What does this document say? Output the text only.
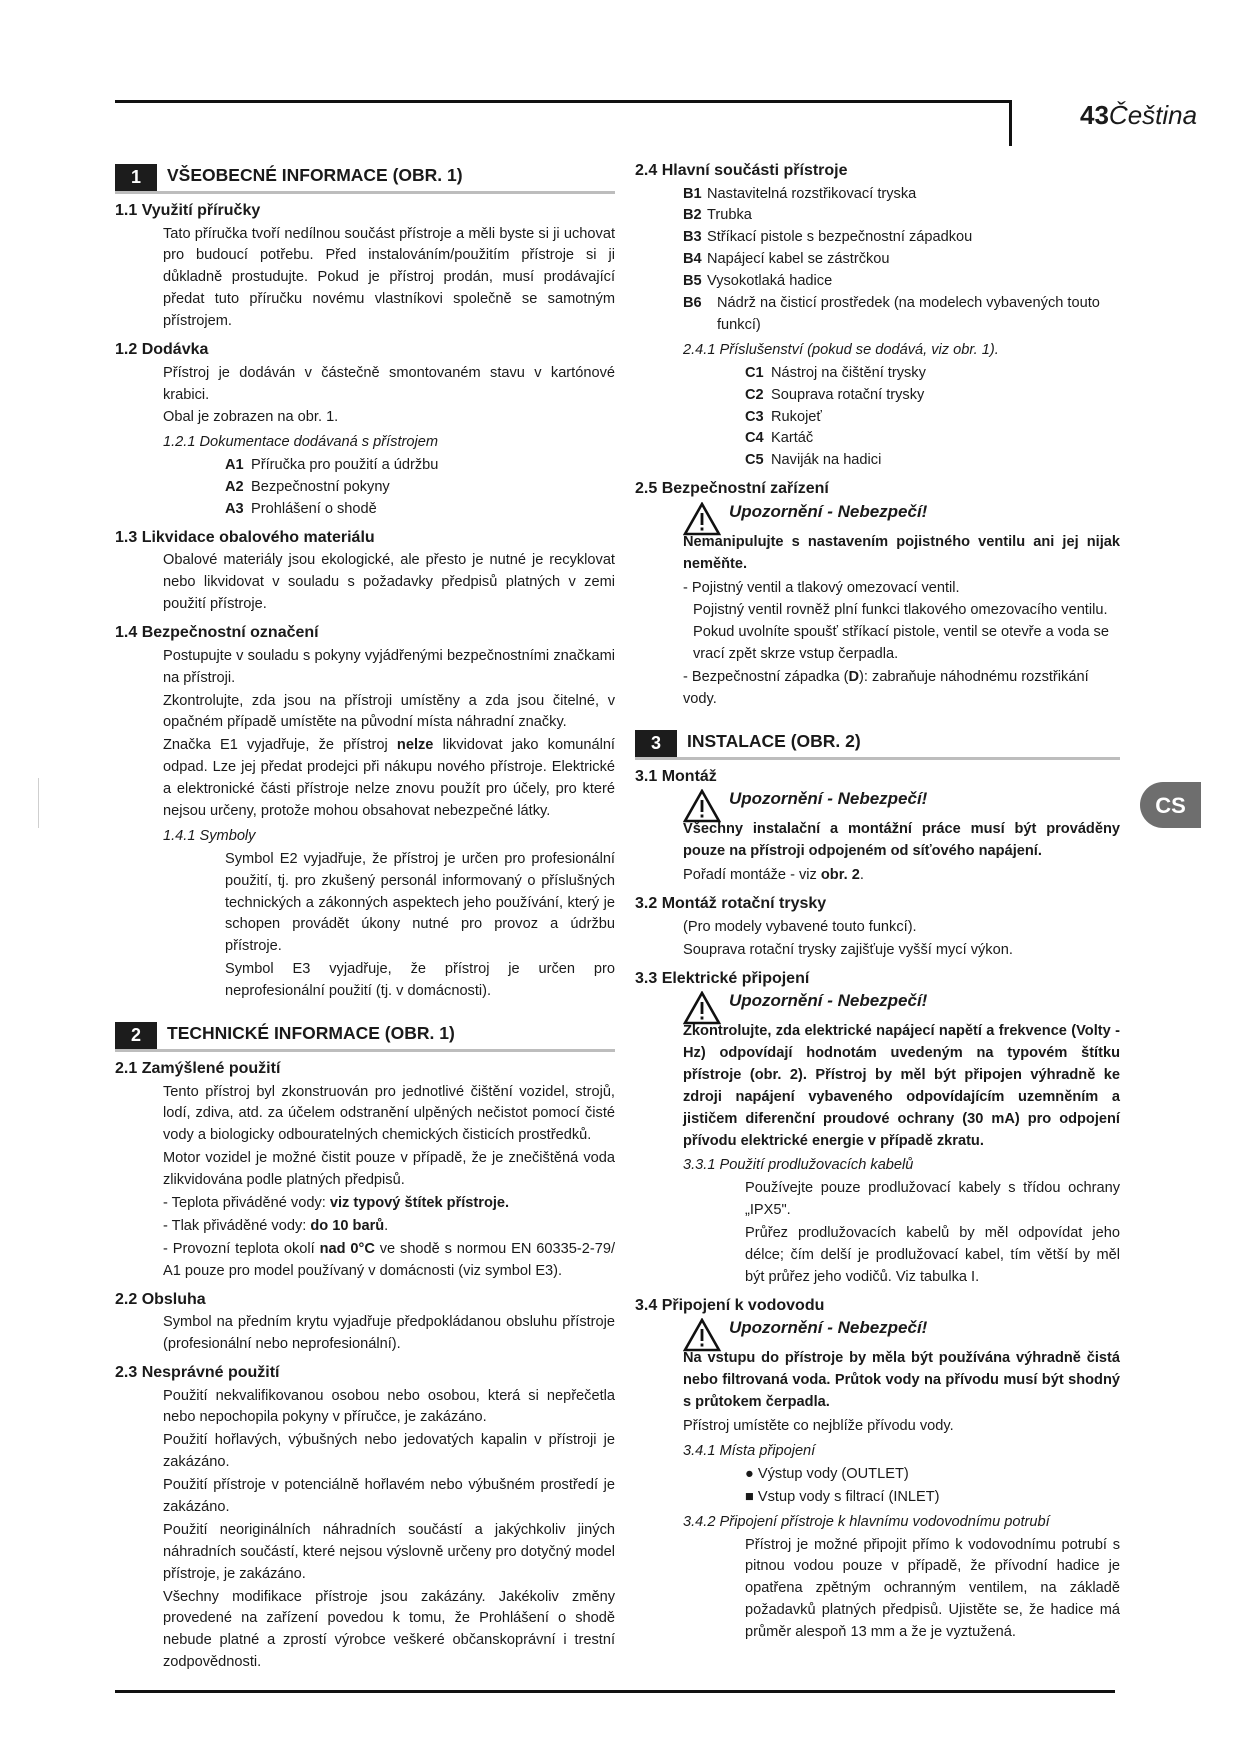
43Čeština
CS
1	VŠEOBECNÉ INFORMACE (OBR. 1)
1.1 Využití příručky

Tato příručka tvoří nedílnou součást přístroje a měli byste si ji uchovat pro budoucí potřebu. Před instalováním/použitím přístroje si ji důkladně prostudujte. Pokud je přístroj prodán, musí prodávající předat tuto příručku novému vlastníkovi společně se samotným přístrojem.

1.2 Dodávka

Přístroj je dodáván v částečně smontovaném stavu v kartónové krabici.

Obal je zobrazen na obr. 1.

1.2.1 Dokumentace dodávaná s přístrojem

A1 Příručka pro použití a údržbu
A2 Bezpečnostní pokyny
A3 Prohlášení o shodě
1.3 Likvidace obalového materiálu

Obalové materiály jsou ekologické, ale přesto je nutné je recyklovat nebo likvidovat v souladu s požadavky předpisů platných v zemi použití přístroje.

1.4 Bezpečnostní označení

Postupujte v souladu s pokyny vyjádřenými bezpečnostními značkami na přístroji.

Zkontrolujte, zda jsou na přístroji umístěny a zda jsou čitelné, v opačném případě umístěte na původní místa náhradní značky.

Značka E1 vyjadřuje, že přístroj nelze likvidovat jako komunální odpad. Lze jej předat prodejci při nákupu nového přístroje. Elektrické a elektronické části přístroje nelze znovu použít pro účely, pro které nejsou určeny, protože mohou obsahovat nebezpečné látky.

1.4.1 Symboly

Symbol E2 vyjadřuje, že přístroj je určen pro profesionální použití, tj. pro zkušený personál informovaný o příslušných technických a zákonných aspektech jeho používání, který je schopen provádět úkony nutné pro provoz a údržbu přístroje.

Symbol E3 vyjadřuje, že přístroj je určen pro neprofesionální použití (tj. v domácnosti).

2	TECHNICKÉ INFORMACE (OBR. 1)
2.1 Zamýšlené použití

Tento přístroj byl zkonstruován pro jednotlivé čištění vozidel, strojů, lodí, zdiva, atd. za účelem odstranění ulpěných nečistot pomocí čisté vody a biologicky odbouratelných chemických čisticích prostředků.

Motor vozidel je možné čistit pouze v případě, že je znečištěná voda zlikvidována podle platných předpisů.

- Teplota přiváděné vody: viz typový štítek přístroje.

- Tlak přiváděné vody: do 10 barů.

- Provozní teplota okolí nad 0°C ve shodě s normou EN 60335-2-79/ A1 pouze pro model používaný v domácnosti (viz symbol E3).

2.2 Obsluha

Symbol na předním krytu vyjadřuje předpokládanou obsluhu přístroje (profesionální nebo neprofesionální).

2.3 Nesprávné použití

Použití nekvalifikovanou osobou nebo osobou, která si nepřečetla nebo nepochopila pokyny v příručce, je zakázáno.

Použití hořlavých, výbušných nebo jedovatých kapalin v přístroji je zakázáno.

Použití přístroje v potenciálně hořlavém nebo výbušném prostředí je zakázáno.

Použití neoriginálních náhradních součástí a jakýchkoliv jiných náhradních součástí, které nejsou výslovně určeny pro dotyčný model přístroje, je zakázáno.

Všechny modifikace přístroje jsou zakázány. Jakékoliv změny provedené na zařízení povedou k tomu, že Prohlášení o shodě nebude platné a zprostí výrobce veškeré občanskoprávní i trestní zodpovědnosti.

2.4 Hlavní součásti přístroje
B1 Nastavitelná rozstřikovací tryska
B2 Trubka
B3 Stříkací pistole s bezpečnostní západkou
B4 Napájecí kabel se zástrčkou
B5 Vysokotlaká hadice
B6	Nádrž na čisticí prostředek (na modelech vybavených touto funkcí)

2.4.1 Příslušenství (pokud se dodává, viz obr. 1).

C1 Nástroj na čištění trysky
C2 Souprava rotační trysky
C3 Rukojeť
C4 Kartáč
C5 Naviják na hadici
2.5 Bezpečnostní zařízení
Upozornění - Nebezpečí!

Nemanipulujte s nastavením pojistného ventilu ani jej nijak neměňte.

- Pojistný ventil a tlakový omezovací ventil.

Pojistný ventil rovněž plní funkci tlakového omezovacího ventilu. Pokud uvolníte spoušť stříkací pistole, ventil se otevře a voda se vrací zpět skrze vstup čerpadla.

- Bezpečnostní západka (D): zabraňuje náhodnému rozstřikání vody.

3	INSTALACE (OBR. 2)
3.1 Montáž
Upozornění - Nebezpečí!

Všechny instalační a montážní práce musí být prováděny pouze na přístroji odpojeném od síťového napájení.

Pořadí montáže - viz obr. 2.

3.2 Montáž rotační trysky

(Pro modely vybavené touto funkcí).

Souprava rotační trysky zajišťuje vyšší mycí výkon.

3.3 Elektrické připojení
Upozornění - Nebezpečí!

Zkontrolujte, zda elektrické napájecí napětí a frekvence (Volty - Hz) odpovídají hodnotám uvedeným na typovém štítku přístroje (obr. 2). Přístroj by měl být připojen výhradně ke zdroji napájení vybaveného odpovídajícím uzemněním a jističem diferenční proudové ochrany (30 mA) pro odpojení přívodu elektrické energie v případě zkratu.

3.3.1 Použití prodlužovacích kabelů

Používejte pouze prodlužovací kabely s třídou ochrany „IPX5".

Průřez prodlužovacích kabelů by měl odpovídat jeho délce; čím delší je prodlužovací kabel, tím větší by měl být průřez jeho vodičů. Viz tabulka I.

3.4 Připojení k vodovodu
Upozornění - Nebezpečí!

Na vstupu do přístroje by měla být používána výhradně čistá nebo filtrovaná voda. Průtok vody na přívodu musí být shodný s průtokem čerpadla.

Přístroj umístěte co nejblíže přívodu vody.

3.4.1 Místa připojení

● Výstup vody (OUTLET)

■ Vstup vody s filtrací (INLET)

3.4.2 Připojení přístroje k hlavnímu vodovodnímu potrubí

Přístroj je možné připojit přímo k vodovodnímu potrubí s pitnou vodou pouze v případě, že přívodní hadice je opatřena zpětným ochranným ventilem, na základě požadavků platných předpisů. Ujistěte se, že hadice má průměr alespoň 13 mm a že je vyztužená.
